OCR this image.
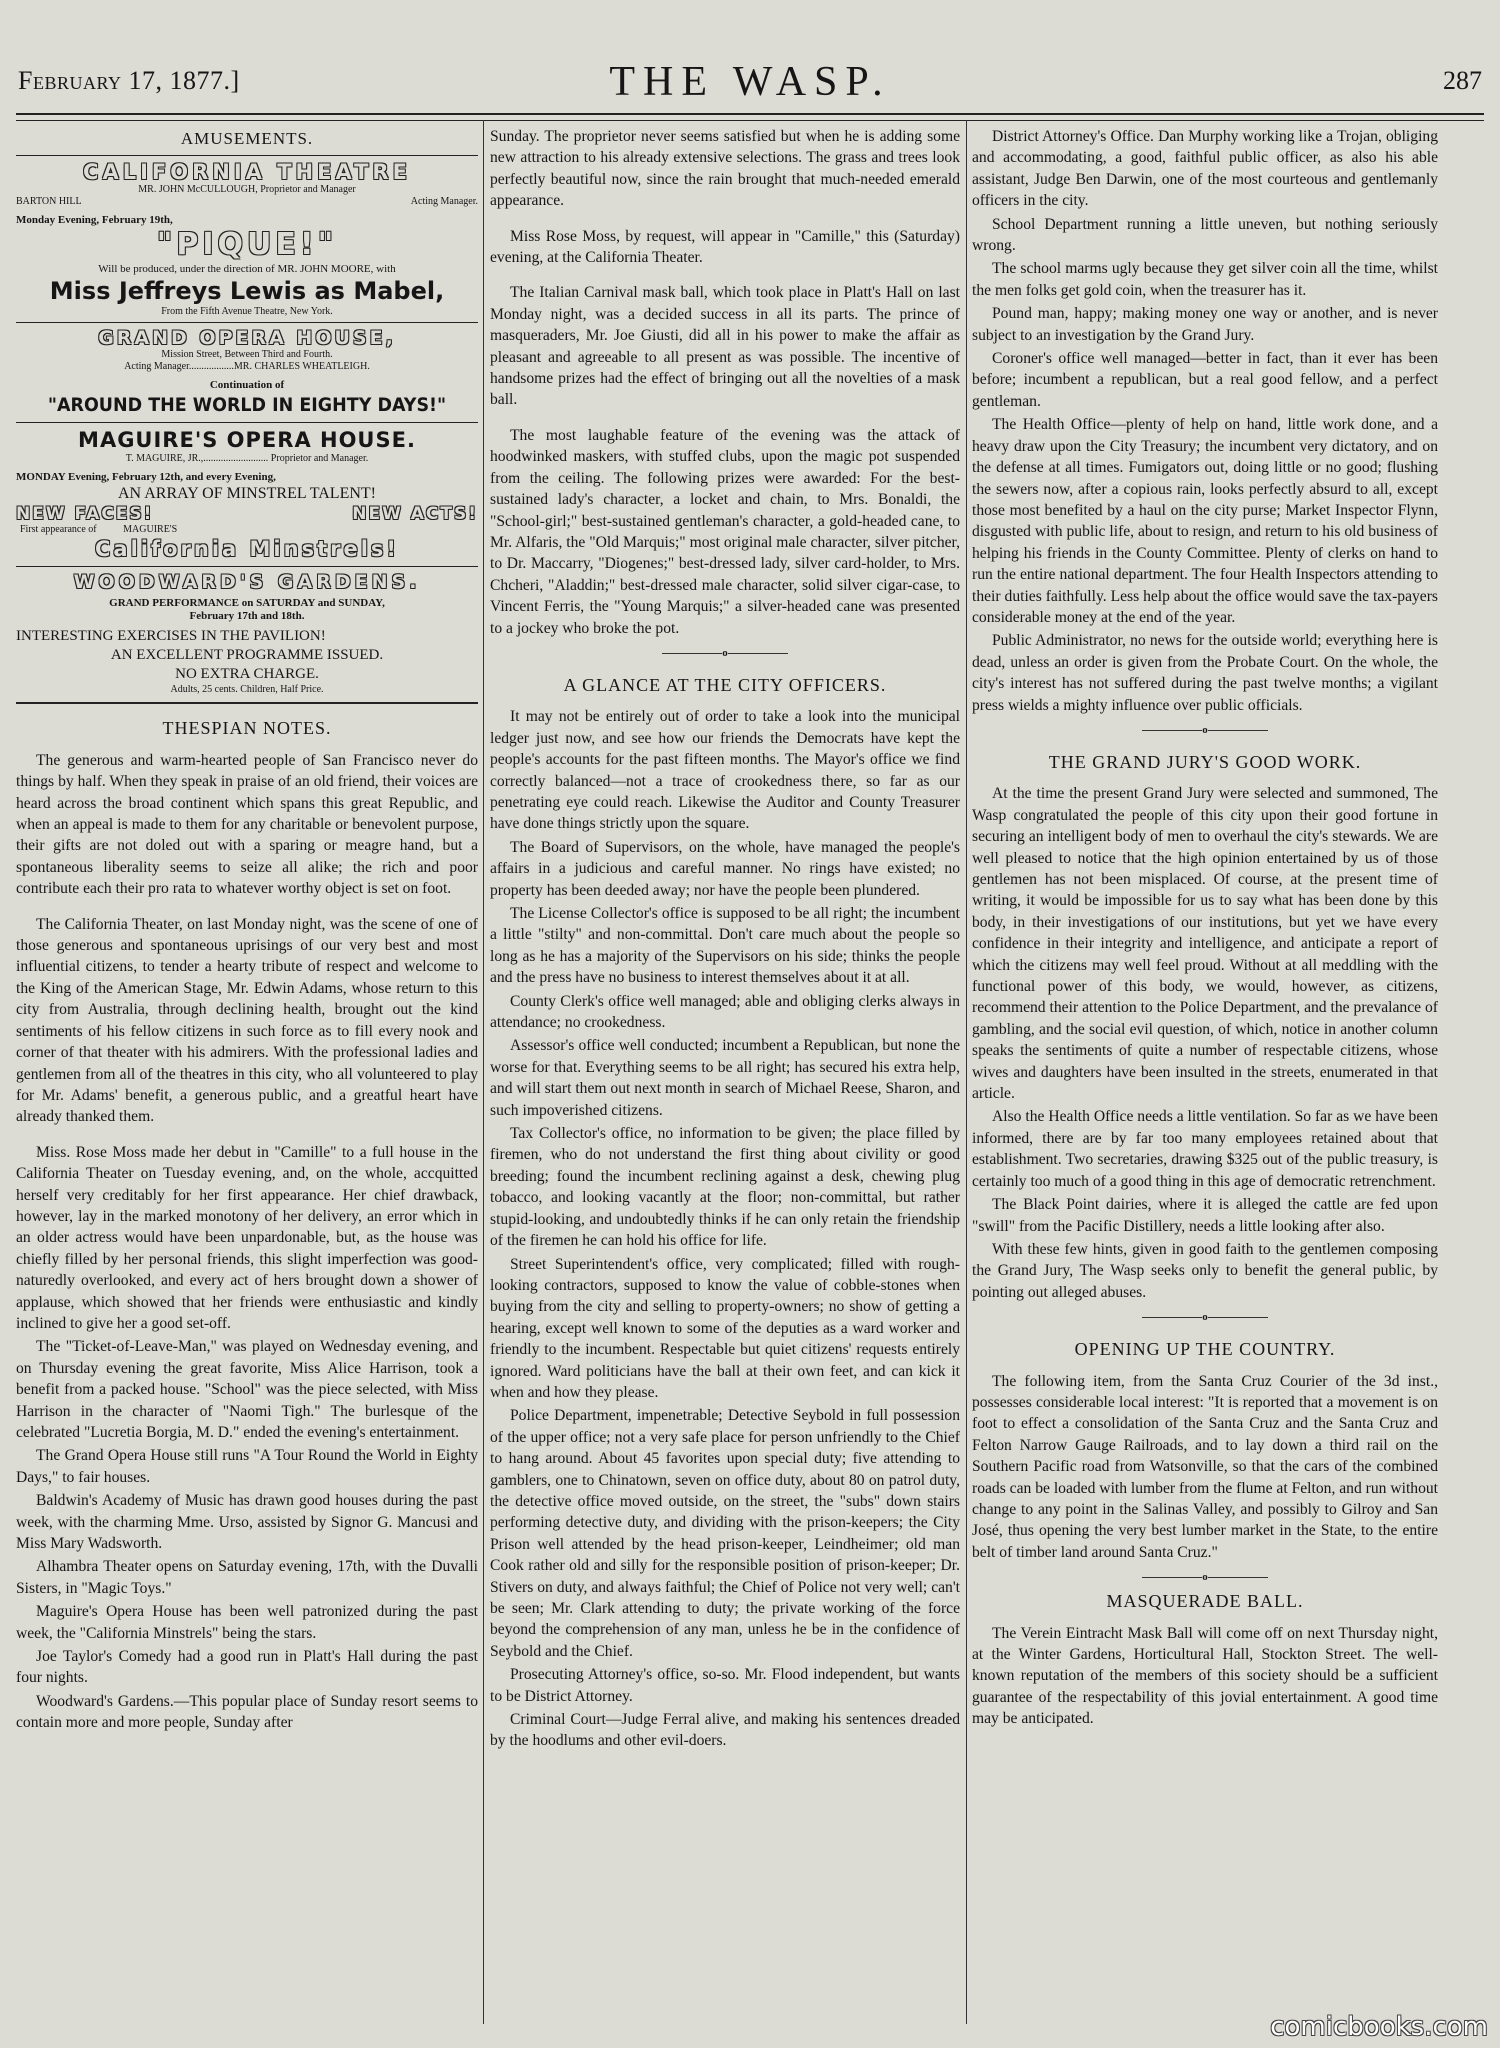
February 17, 1877.]	THE WASP.	287
AMUSEMENTS.
CALIFORNIA THEATRE
MR. JOHN McCULLOUGH, Proprietor and Manager
BARTON HILL	Acting Manager.
Monday Evening, February 19th,
"PIQUE!"
Will be produced, under the direction of MR. JOHN MOORE, with
Miss Jeffreys Lewis as Mabel,
From the Fifth Avenue Theatre, New York.
GRAND OPERA HOUSE,
Mission Street, Between Third and Fourth.
Acting Manager..................MR. CHARLES WHEATLEIGH.
Continuation of
"AROUND THE WORLD IN EIGHTY DAYS!"
MAGUIRE'S OPERA HOUSE.
T. MAGUIRE, JR.,.......................... Proprietor and Manager.
MONDAY Evening, February 12th, and every Evening,
AN ARRAY OF MINSTREL TALENT!
NEW FACES!	NEW ACTS!
First appearance of	MAGUIRE'S
California Minstrels!
WOODWARD'S GARDENS.
GRAND PERFORMANCE on SATURDAY and SUNDAY,
February 17th and 18th.
INTERESTING EXERCISES IN THE PAVILION!
AN EXCELLENT PROGRAMME ISSUED.
NO EXTRA CHARGE.
Adults, 25 cents. Children, Half Price.
THESPIAN NOTES.

The generous and warm-hearted people of San Francisco never do things by half. When they speak in praise of an old friend, their voices are heard across the broad continent which spans this great Republic, and when an appeal is made to them for any charitable or benevolent purpose, their gifts are not doled out with a sparing or meagre hand, but a spontaneous liberality seems to seize all alike; the rich and poor contribute each their pro rata to whatever worthy object is set on foot.

The California Theater, on last Monday night, was the scene of one of those generous and spontaneous uprisings of our very best and most influential citizens, to tender a hearty tribute of respect and welcome to the King of the American Stage, Mr. Edwin Adams, whose return to this city from Australia, through declining health, brought out the kind sentiments of his fellow citizens in such force as to fill every nook and corner of that theater with his admirers. With the professional ladies and gentlemen from all of the theatres in this city, who all volunteered to play for Mr. Adams' benefit, a generous public, and a greatful heart have already thanked them.

Miss. Rose Moss made her debut in "Camille" to a full house in the California Theater on Tuesday evening, and, on the whole, accquitted herself very creditably for her first appearance. Her chief drawback, however, lay in the marked monotony of her delivery, an error which in an older actress would have been unpardonable, but, as the house was chiefly filled by her personal friends, this slight imperfection was good-naturedly overlooked, and every act of hers brought down a shower of applause, which showed that her friends were enthusiastic and kindly inclined to give her a good set-off.

The "Ticket-of-Leave-Man," was played on Wednesday evening, and on Thursday evening the great favorite, Miss Alice Harrison, took a benefit from a packed house. "School" was the piece selected, with Miss Harrison in the character of "Naomi Tigh." The burlesque of the celebrated "Lucretia Borgia, M. D." ended the evening's entertainment.

The Grand Opera House still runs "A Tour Round the World in Eighty Days," to fair houses.

Baldwin's Academy of Music has drawn good houses during the past week, with the charming Mme. Urso, assisted by Signor G. Mancusi and Miss Mary Wadsworth.

Alhambra Theater opens on Saturday evening, 17th, with the Duvalli Sisters, in "Magic Toys."

Maguire's Opera House has been well patronized during the past week, the "California Minstrels" being the stars.

Joe Taylor's Comedy had a good run in Platt's Hall during the past four nights.

Woodward's Gardens.—This popular place of Sunday resort seems to contain more and more people, Sunday after

Sunday. The proprietor never seems satisfied but when he is adding some new attraction to his already extensive selections. The grass and trees look perfectly beautiful now, since the rain brought that much-needed emerald appearance.

Miss Rose Moss, by request, will appear in "Camille," this (Saturday) evening, at the California Theater.

The Italian Carnival mask ball, which took place in Platt's Hall on last Monday night, was a decided success in all its parts. The prince of masqueraders, Mr. Joe Giusti, did all in his power to make the affair as pleasant and agreeable to all present as was possible. The incentive of handsome prizes had the effect of bringing out all the novelties of a mask ball.

The most laughable feature of the evening was the attack of hoodwinked maskers, with stuffed clubs, upon the magic pot suspended from the ceiling. The following prizes were awarded: For the best-sustained lady's character, a locket and chain, to Mrs. Bonaldi, the "School-girl;" best-sustained gentleman's character, a gold-headed cane, to Mr. Alfaris, the "Old Marquis;" most original male character, silver pitcher, to Dr. Maccarry, "Diogenes;" best-dressed lady, silver card-holder, to Mrs. Chcheri, "Aladdin;" best-dressed male character, solid silver cigar-case, to Vincent Ferris, the "Young Marquis;" a silver-headed cane was presented to a jockey who broke the pot.

o
A GLANCE AT THE CITY OFFICERS.

It may not be entirely out of order to take a look into the municipal ledger just now, and see how our friends the Democrats have kept the people's accounts for the past fifteen months. The Mayor's office we find correctly balanced—not a trace of crookedness there, so far as our penetrating eye could reach. Likewise the Auditor and County Treasurer have done things strictly upon the square.

The Board of Supervisors, on the whole, have managed the people's affairs in a judicious and careful manner. No rings have existed; no property has been deeded away; nor have the people been plundered.

The License Collector's office is supposed to be all right; the incumbent a little "stilty" and non-committal. Don't care much about the people so long as he has a majority of the Supervisors on his side; thinks the people and the press have no business to interest themselves about it at all.

County Clerk's office well managed; able and obliging clerks always in attendance; no crookedness.

Assessor's office well conducted; incumbent a Republican, but none the worse for that. Everything seems to be all right; has secured his extra help, and will start them out next month in search of Michael Reese, Sharon, and such impoverished citizens.

Tax Collector's office, no information to be given; the place filled by firemen, who do not understand the first thing about civility or good breeding; found the incumbent reclining against a desk, chewing plug tobacco, and looking vacantly at the floor; non-committal, but rather stupid-looking, and undoubtedly thinks if he can only retain the friendship of the firemen he can hold his office for life.

Street Superintendent's office, very complicated; filled with rough-looking contractors, supposed to know the value of cobble-stones when buying from the city and selling to property-owners; no show of getting a hearing, except well known to some of the deputies as a ward worker and friendly to the incumbent. Respectable but quiet citizens' requests entirely ignored. Ward politicians have the ball at their own feet, and can kick it when and how they please.

Police Department, impenetrable; Detective Seybold in full possession of the upper office; not a very safe place for person unfriendly to the Chief to hang around. About 45 favorites upon special duty; five attending to gamblers, one to Chinatown, seven on office duty, about 80 on patrol duty, the detective office moved outside, on the street, the "subs" down stairs performing detective duty, and dividing with the prison-keepers; the City Prison well attended by the head prison-keeper, Leindheimer; old man Cook rather old and silly for the responsible position of prison-keeper; Dr. Stivers on duty, and always faithful; the Chief of Police not very well; can't be seen; Mr. Clark attending to duty; the private working of the force beyond the comprehension of any man, unless he be in the confidence of Seybold and the Chief.

Prosecuting Attorney's office, so-so. Mr. Flood independent, but wants to be District Attorney.

Criminal Court—Judge Ferral alive, and making his sentences dreaded by the hoodlums and other evil-doers.

District Attorney's Office. Dan Murphy working like a Trojan, obliging and accommodating, a good, faithful public officer, as also his able assistant, Judge Ben Darwin, one of the most courteous and gentlemanly officers in the city.

School Department running a little uneven, but nothing seriously wrong.

The school marms ugly because they get silver coin all the time, whilst the men folks get gold coin, when the treasurer has it.

Pound man, happy; making money one way or another, and is never subject to an investigation by the Grand Jury.

Coroner's office well managed—better in fact, than it ever has been before; incumbent a republican, but a real good fellow, and a perfect gentleman.

The Health Office—plenty of help on hand, little work done, and a heavy draw upon the City Treasury; the incumbent very dictatory, and on the defense at all times. Fumigators out, doing little or no good; flushing the sewers now, after a copious rain, looks perfectly absurd to all, except those most benefited by a haul on the city purse; Market Inspector Flynn, disgusted with public life, about to resign, and return to his old business of helping his friends in the County Committee. Plenty of clerks on hand to run the entire national department. The four Health Inspectors attending to their duties faithfully. Less help about the office would save the tax-payers considerable money at the end of the year.

Public Administrator, no news for the outside world; everything here is dead, unless an order is given from the Probate Court. On the whole, the city's interest has not suffered during the past twelve months; a vigilant press wields a mighty influence over public officials.

o
THE GRAND JURY'S GOOD WORK.

At the time the present Grand Jury were selected and summoned, The Wasp congratulated the people of this city upon their good fortune in securing an intelligent body of men to overhaul the city's stewards. We are well pleased to notice that the high opinion entertained by us of those gentlemen has not been misplaced. Of course, at the present time of writing, it would be impossible for us to say what has been done by this body, in their investigations of our institutions, but yet we have every confidence in their integrity and intelligence, and anticipate a report of which the citizens may well feel proud. Without at all meddling with the functional power of this body, we would, however, as citizens, recommend their attention to the Police Department, and the prevalance of gambling, and the social evil question, of which, notice in another column speaks the sentiments of quite a number of respectable citizens, whose wives and daughters have been insulted in the streets, enumerated in that article.

Also the Health Office needs a little ventilation. So far as we have been informed, there are by far too many employees retained about that establishment. Two secretaries, drawing $325 out of the public treasury, is certainly too much of a good thing in this age of democratic retrenchment.

The Black Point dairies, where it is alleged the cattle are fed upon "swill" from the Pacific Distillery, needs a little looking after also.

With these few hints, given in good faith to the gentlemen composing the Grand Jury, The Wasp seeks only to benefit the general public, by pointing out alleged abuses.

o
OPENING UP THE COUNTRY.

The following item, from the Santa Cruz Courier of the 3d inst., possesses considerable local interest: "It is reported that a movement is on foot to effect a consolidation of the Santa Cruz and the Santa Cruz and Felton Narrow Gauge Railroads, and to lay down a third rail on the Southern Pacific road from Watsonville, so that the cars of the combined roads can be loaded with lumber from the flume at Felton, and run without change to any point in the Salinas Valley, and possibly to Gilroy and San José, thus opening the very best lumber market in the State, to the entire belt of timber land around Santa Cruz."

o
MASQUERADE BALL.

The Verein Eintracht Mask Ball will come off on next Thursday night, at the Winter Gardens, Horticultural Hall, Stockton Street. The well-known reputation of the members of this society should be a sufficient guarantee of the respectability of this jovial entertainment. A good time may be anticipated.

comicbooks.com
